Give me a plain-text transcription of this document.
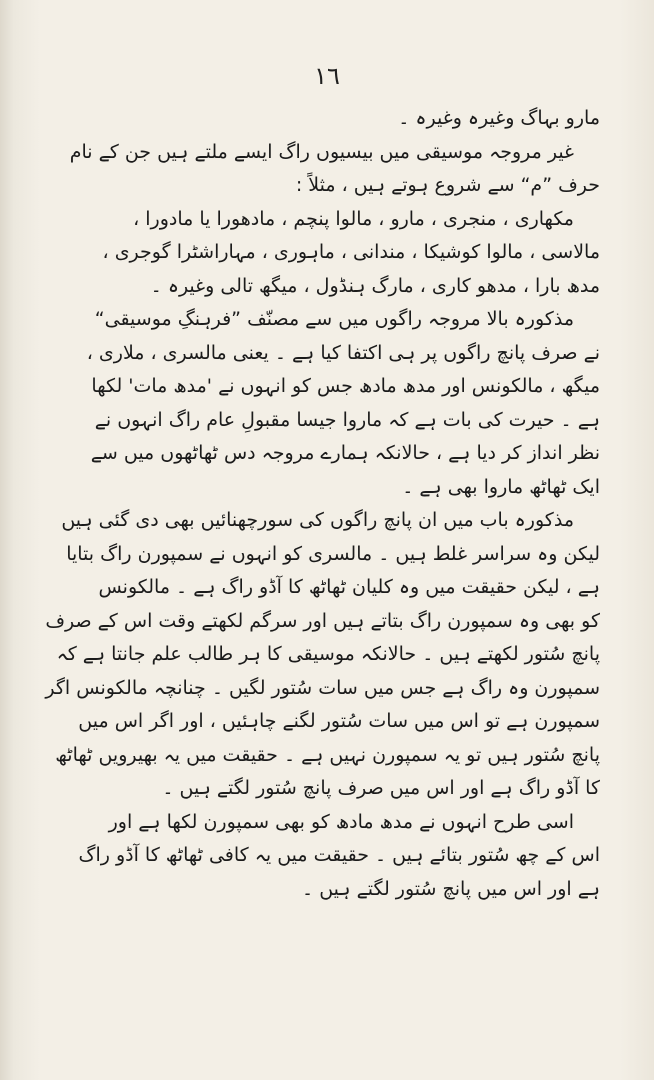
١٦
مارو بہاگ وغیرہ وغیرہ ۔
غیر مروجہ موسیقی میں بیسیوں راگ ایسے ملتے ہیں جن کے نام
حرف ”م“ سے شروع ہوتے ہیں ، مثلاً :
مکھاری ، منجری ، مارو ، مالوا پنچم ، مادھورا یا مادورا ،
مالاسی ، مالوا کوشیکا ، مندانی ، ماہوری ، مہاراشٹرا گوجری ،
مدھ بارا ، مدھو کاری ، مارگ ہنڈول ، میگھ تالی وغیرہ ۔
مذکورہ بالا مروجہ راگوں میں سے مصنّف ”فرہنگِ موسیقی“
نے صرف پانچ راگوں پر ہی اکتفا کیا ہے ۔ یعنی مالسری ، ملاری ،
میگھ ، مالکونس اور مدھ مادھ جس کو انہوں نے 'مدھ مات' لکھا
ہے ۔ حیرت کی بات ہے کہ ماروا جیسا مقبولِ عام راگ انہوں نے
نظر انداز کر دیا ہے ، حالانکہ ہمارے مروجہ دس ٹھاٹھوں میں سے
ایک ٹھاٹھ ماروا بھی ہے ۔
مذکورہ باب میں ان پانچ راگوں کی سورچھنائیں بھی دی گئی ہیں
لیکن وہ سراسر غلط ہیں ۔ مالسری کو انہوں نے سمپورن راگ بتایا
ہے ، لیکن حقیقت میں وہ کلیان ٹھاٹھ کا آڈو راگ ہے ۔ مالکونس
کو بھی وہ سمپورن راگ بتاتے ہیں اور سرگم لکھتے وقت اس کے صرف
پانچ سُتور لکھتے ہیں ۔ حالانکہ موسیقی کا ہر طالب علم جانتا ہے کہ
سمپورن وہ راگ ہے جس میں سات سُتور لگیں ۔ چنانچہ مالکونس اگر
سمپورن ہے تو اس میں سات سُتور لگنے چاہئیں ، اور اگر اس میں
پانچ سُتور ہیں تو یہ سمپورن نہیں ہے ۔ حقیقت میں یہ بھیرویں ٹھاٹھ
کا آڈو راگ ہے اور اس میں صرف پانچ سُتور لگتے ہیں ۔
اسی طرح انہوں نے مدھ مادھ کو بھی سمپورن لکھا ہے اور
اس کے چھ سُتور بتائے ہیں ۔ حقیقت میں یہ کافی ٹھاٹھ کا آڈو راگ
ہے اور اس میں پانچ سُتور لگتے ہیں ۔
